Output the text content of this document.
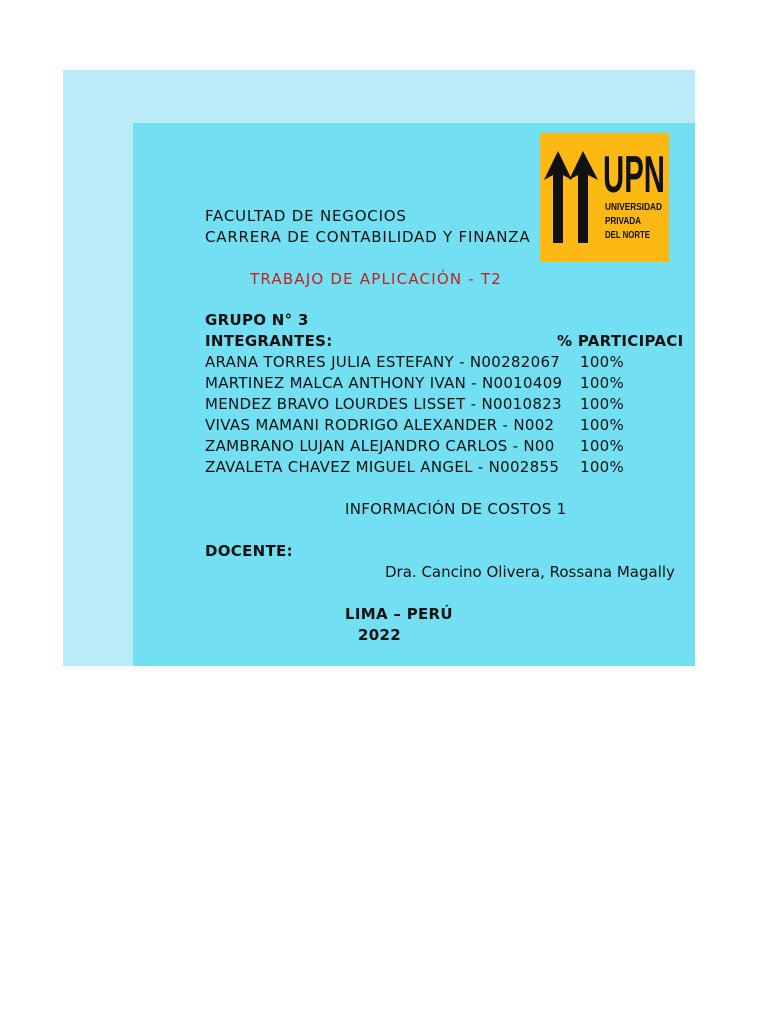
UPN
UNIVERSIDAD
PRIVADA
DEL NORTE
FACULTAD DE NEGOCIOS
CARRERA DE CONTABILIDAD Y FINANZA
TRABAJO DE APLICACIÓN - T2
GRUPO N° 3
INTEGRANTES:	% PARTICIPACI
ARANA TORRES JULIA ESTEFANY - N00282067 100%
MARTINEZ MALCA ANTHONY IVAN - N0010409 100%
MENDEZ BRAVO LOURDES LISSET - N0010823 100%
VIVAS MAMANI RODRIGO ALEXANDER - N002 100%
ZAMBRANO LUJAN ALEJANDRO CARLOS - N00 100%
ZAVALETA CHAVEZ MIGUEL ANGEL - N002855 100%
INFORMACIÓN DE COSTOS 1
DOCENTE:
Dra. Cancino Olivera, Rossana Magally
LIMA – PERÚ
2022
